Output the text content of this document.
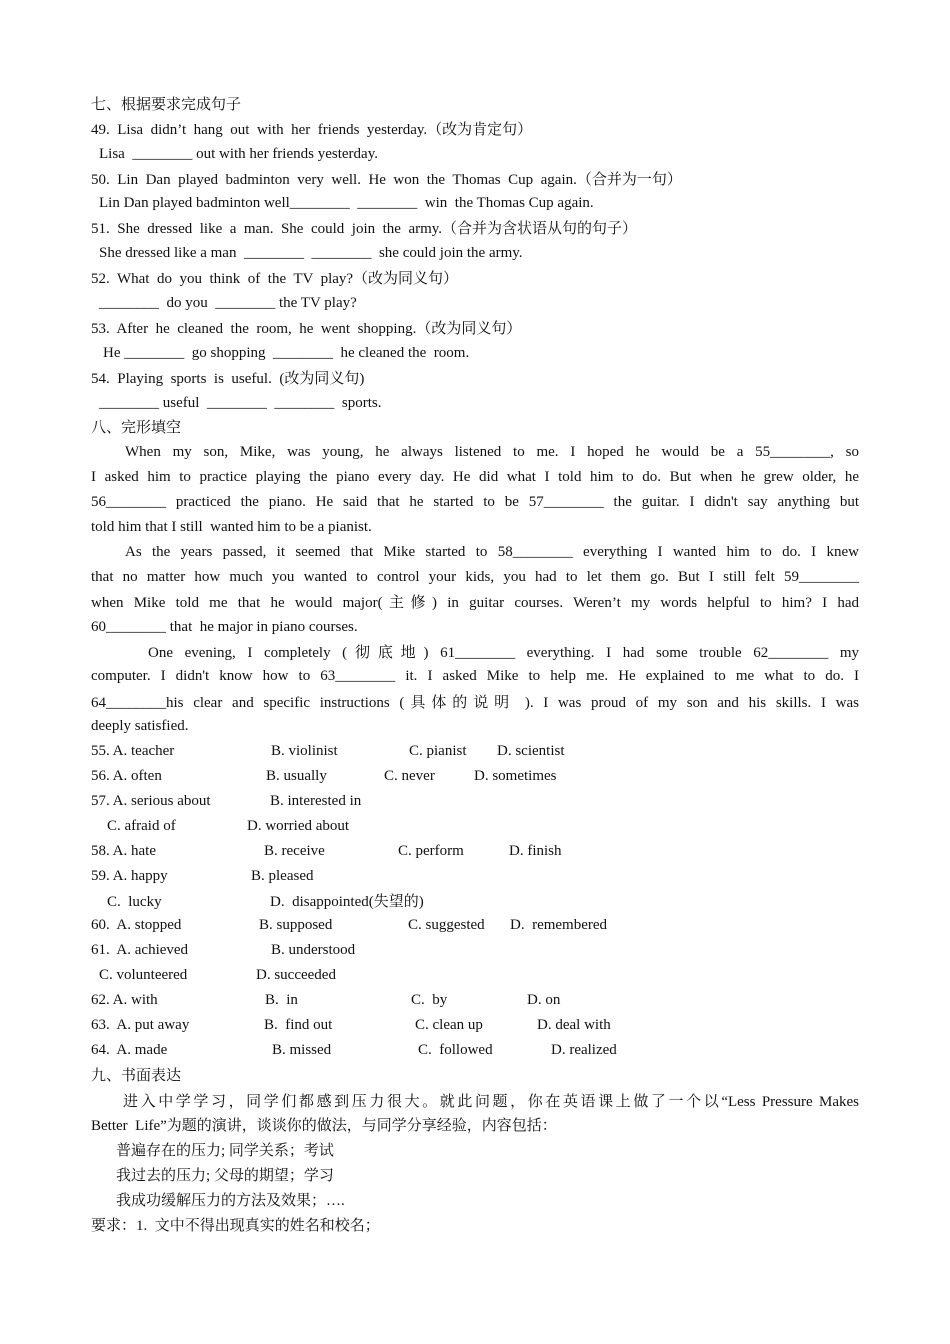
七、根据要求完成句子
49.  Lisa  didn’t  hang  out  with  her  friends  yesterday.（改为肯定句）
Lisa  ________ out with her friends yesterday.
50.  Lin  Dan  played  badminton  very  well.  He  won  the  Thomas  Cup  again.（合并为一句）
Lin Dan played badminton well________  ________  win  the Thomas Cup again.
51.  She  dressed  like  a  man.  She  could  join  the  army.（合并为含状语从句的句子）
She dressed like a man  ________  ________  she could join the army.
52.  What  do  you  think  of  the  TV  play?（改为同义句）
________  do you  ________ the TV play?
53.  After  he  cleaned  the  room,  he  went  shopping.（改为同义句）
He ________  go shopping  ________  he cleaned the  room.
54.  Playing  sports  is  useful.  (改为同义句)
________ useful  ________  ________  sports.
八、完形填空
When my son, Mike, was young, he always listened to me. I hoped he would be a 55________, so
I asked him to practice playing the piano every day. He did what I told him to do. But when he grew older, he
56________ practiced the piano. He said that he started to be 57________ the guitar. I didn't say anything but
told him that I still  wanted him to be a pianist.
As the years passed, it seemed that Mike started to 58________ everything I wanted him to do. I knew
that no matter how much you wanted to control your kids, you had to let them go. But I still felt 59________
when Mike told me that he would major(主修) in guitar courses. Weren’t my words helpful to him? I had
60________ that  he major in piano courses.
One evening, I completely (彻底地) 61________ everything. I had some trouble 62________ my
computer. I didn't know how to 63________ it. I asked Mike to help me. He explained to me what to do. I
64________his clear and specific instructions (具体的说明 ). I was proud of my son and his skills. I was
deeply satisfied.
55. A. teacher	B. violinist	C. pianist D. scientist
56. A. often	B. usually	C. never	D. sometimes
57. A. serious about	B. interested in
C. afraid of	D. worried about
58. A. hate	B. receive	C. perform	D. finish
59. A. happy	B. pleased
C.  lucky	D.  disappointed(失望的)
60.  A. stopped	B. supposed	C. suggested D.  remembered
61.  A. achieved	B. understood
C. volunteered	D. succeeded
62. A. with	B.  in	C.  by	D. on
63.  A. put away	B.  find out	C. clean up	D. deal with
64.  A. made	B. missed	C.  followed	D. realized
九、书面表达
进入中学学习，同学们都感到压力很大。就此问题，你在英语课上做了一个以“Less Pressure Makes
Better  Life”为题的演讲，谈谈你的做法，与同学分享经验，内容包括：
普遍存在的压力; 同学关系；考试
我过去的压力; 父母的期望；学习
我成功缓解压力的方法及效果；….
要求：1.  文中不得出现真实的姓名和校名；
